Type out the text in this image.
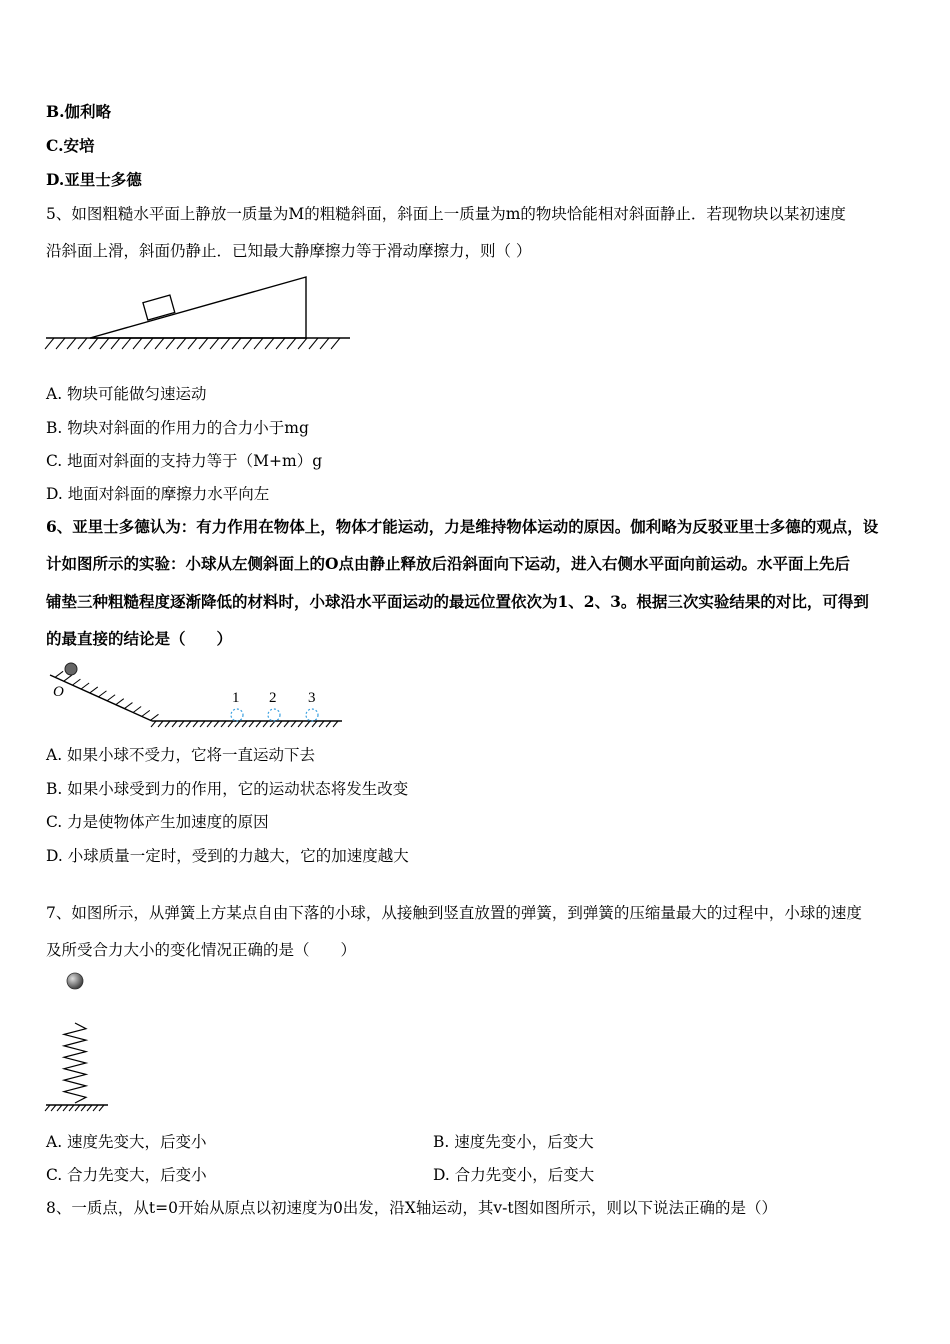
B.伽利略
C.安培
D.亚里士多德
5、如图粗糙水平面上静放一质量为M的粗糙斜面，斜面上一质量为m的物块恰能相对斜面静止．若现物块以某初速度
沿斜面上滑，斜面仍静止．已知最大静摩擦力等于滑动摩擦力，则（ ）
A. 物块可能做匀速运动
B. 物块对斜面的作用力的合力小于mg
C. 地面对斜面的支持力等于（M+m）g
D. 地面对斜面的摩擦力水平向左
6、亚里士多德认为：有力作用在物体上，物体才能运动，力是维持物体运动的原因。伽利略为反驳亚里士多德的观点，设
计如图所示的实验：小球从左侧斜面上的O点由静止释放后沿斜面向下运动，进入右侧水平面向前运动。水平面上先后
铺垫三种粗糙程度逐渐降低的材料时，小球沿水平面运动的最远位置依次为1、2、3。根据三次实验结果的对比，可得到
的最直接的结论是（　　）
O	1 2 3
A. 如果小球不受力，它将一直运动下去
B. 如果小球受到力的作用，它的运动状态将发生改变
C. 力是使物体产生加速度的原因
D. 小球质量一定时，受到的力越大，它的加速度越大
7、如图所示，从弹簧上方某点自由下落的小球，从接触到竖直放置的弹簧，到弹簧的压缩量最大的过程中，小球的速度
及所受合力大小的变化情况正确的是（　　）
A. 速度先变大，后变小	B. 速度先变小，后变大
C. 合力先变大，后变小	D. 合力先变小，后变大
8、一质点，从t=0开始从原点以初速度为0出发，沿X轴运动，其v-t图如图所示，则以下说法正确的是（）
